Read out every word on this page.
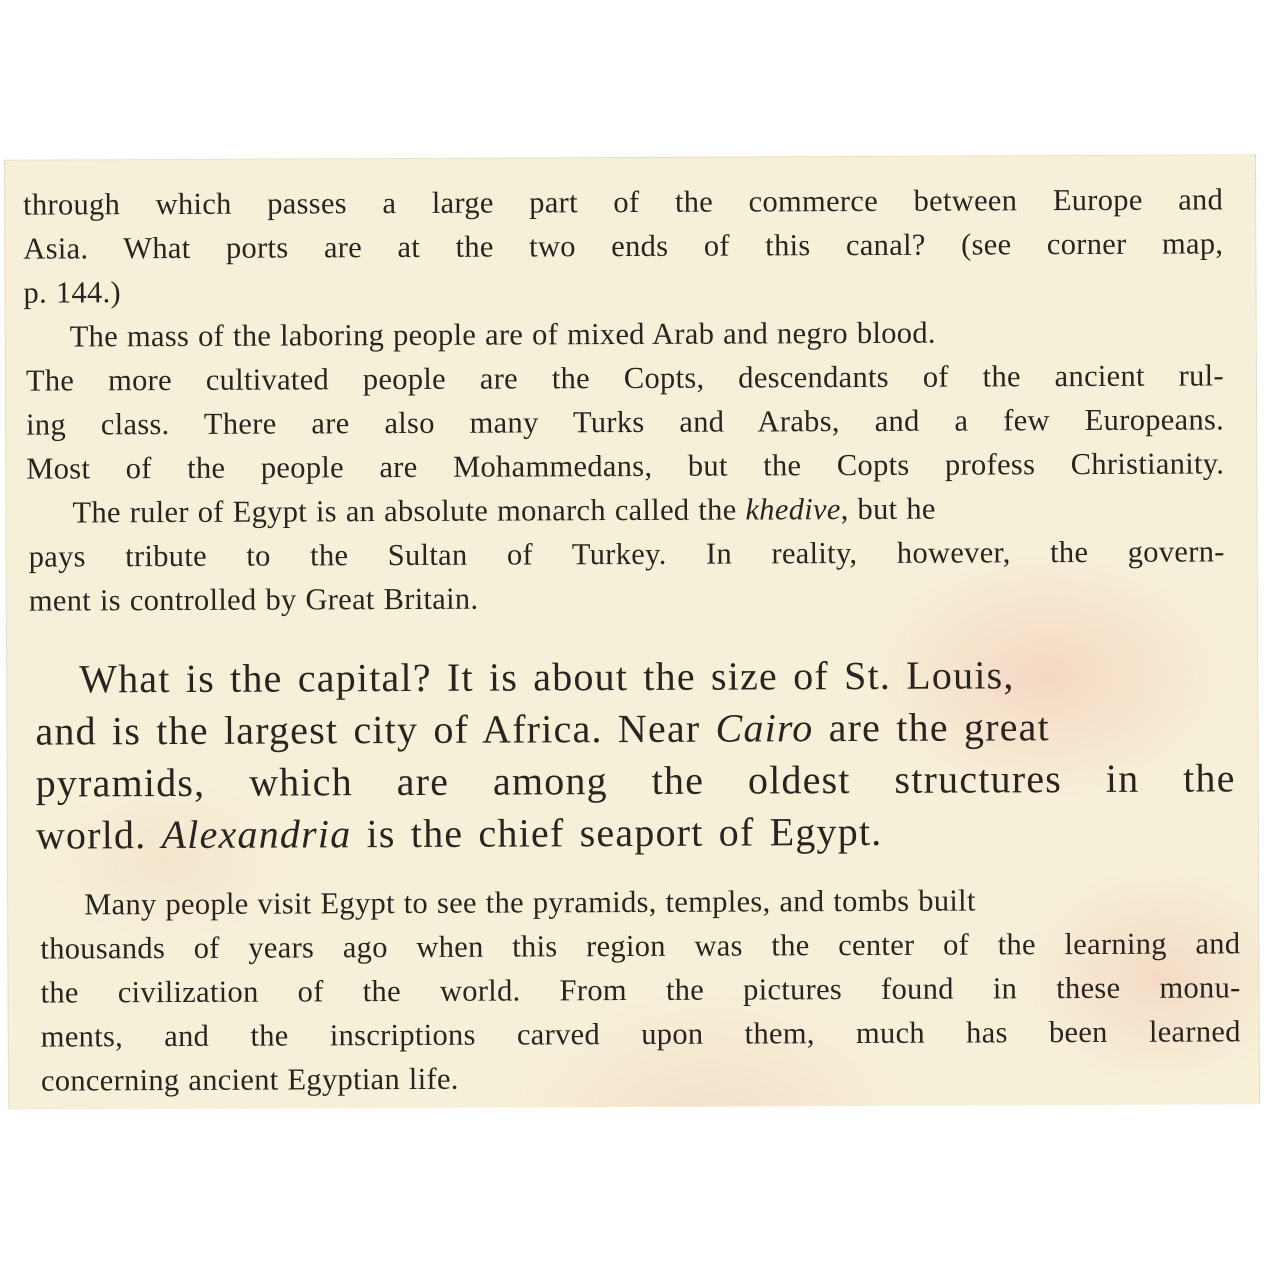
through which passes a large part of the commerce between Europe and
Asia. What ports are at the two ends of this canal? (see corner map,
p. 144.)
The mass of the laboring people are of mixed Arab and negro blood.
The more cultivated people are the Copts, descendants of the ancient rul-
ing class. There are also many Turks and Arabs, and a few Europeans.
Most of the people are Mohammedans, but the Copts profess Christianity.
The ruler of Egypt is an absolute monarch called the khedive, but he
pays tribute to the Sultan of Turkey. In reality, however, the govern-
ment is controlled by Great Britain.
What is the capital? It is about the size of St. Louis,
and is the largest city of Africa. Near Cairo are the great
pyramids, which are among the oldest structures in the
world. Alexandria is the chief seaport of Egypt.
Many people visit Egypt to see the pyramids, temples, and tombs built
thousands of years ago when this region was the center of the learning and
the civilization of the world. From the pictures found in these monu-
ments, and the inscriptions carved upon them, much has been learned
concerning ancient Egyptian life.
